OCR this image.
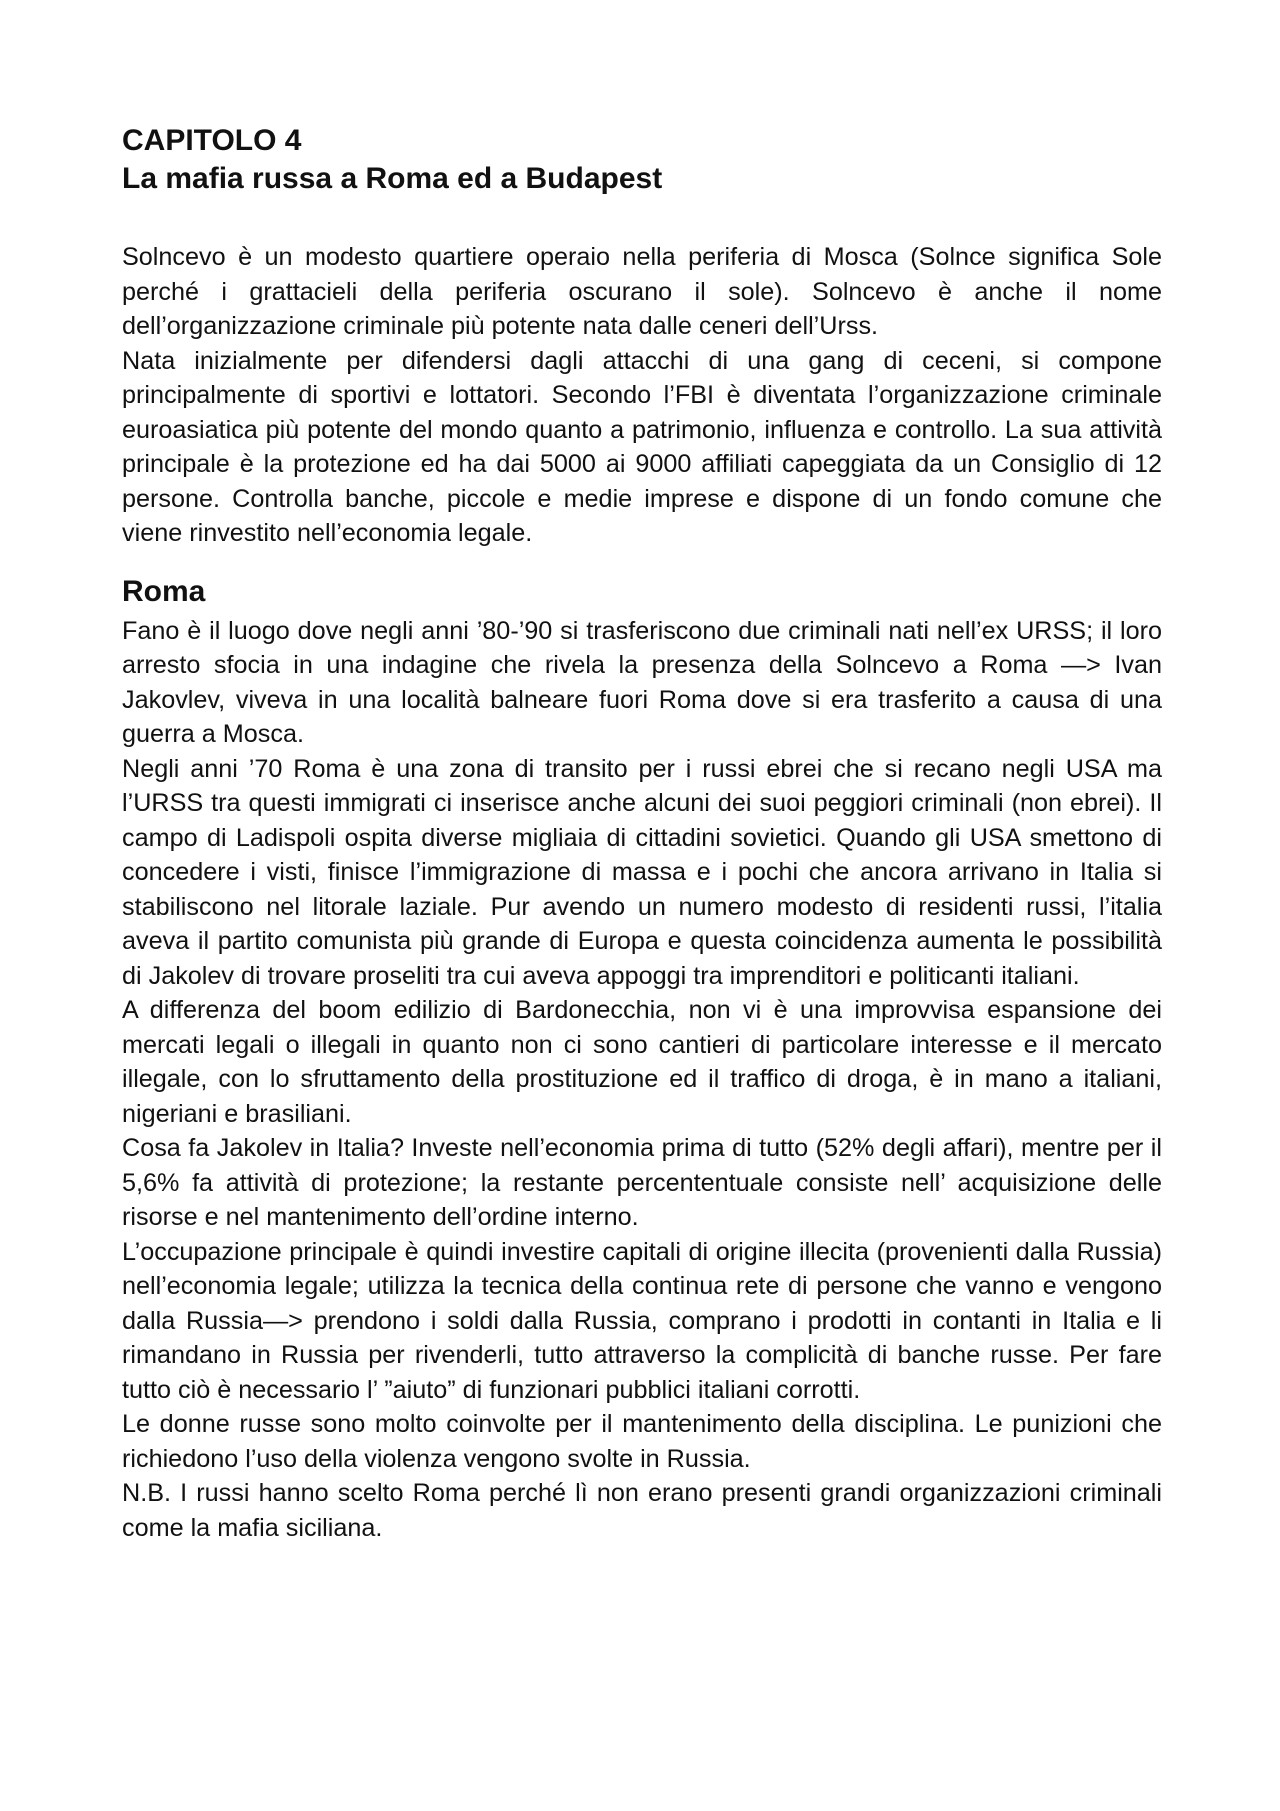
CAPITOLO 4
La mafia russa a Roma ed a Budapest

Solncevo è un modesto quartiere operaio nella periferia di Mosca (Solnce significa Sole perché i grattacieli della periferia oscurano il sole). Solncevo è anche il nome dell’organizzazione criminale più potente nata dalle ceneri dell’Urss.

Nata inizialmente per difendersi dagli attacchi di una gang di ceceni, si compone principalmente di sportivi e lottatori. Secondo l’FBI è diventata l’organizzazione criminale euroasiatica più potente del mondo quanto a patrimonio, influenza e controllo. La sua attività principale è la protezione ed ha dai 5000 ai 9000 affiliati capeggiata da un Consiglio di 12 persone. Controlla banche, piccole e medie imprese e dispone di un fondo comune che viene rinvestito nell’economia legale.

Roma

Fano è il luogo dove negli anni ’80-’90 si trasferiscono due criminali nati nell’ex URSS; il loro arresto sfocia in una indagine che rivela la presenza della Solncevo a Roma —> Ivan Jakovlev, viveva in una località balneare fuori Roma dove si era trasferito a causa di una guerra a Mosca.

Negli anni ’70 Roma è una zona di transito per i russi ebrei che si recano negli USA ma l’URSS tra questi immigrati ci inserisce anche alcuni dei suoi peggiori criminali (non ebrei). Il campo di Ladispoli ospita diverse migliaia di cittadini sovietici. Quando gli USA smettono di concedere i visti, finisce l’immigrazione di massa e i pochi che ancora arrivano in Italia si stabiliscono nel litorale laziale. Pur avendo un numero modesto di residenti russi, l’italia aveva il partito comunista più grande di Europa e questa coincidenza aumenta le possibilità di Jakolev di trovare proseliti tra cui aveva appoggi tra imprenditori e politicanti italiani.

A differenza del boom edilizio di Bardonecchia, non vi è una improvvisa espansione dei mercati legali o illegali in quanto non ci sono cantieri di particolare interesse e il mercato illegale, con lo sfruttamento della prostituzione ed il traffico di droga, è in mano a italiani, nigeriani e brasiliani.

Cosa fa Jakolev in Italia? Investe nell’economia prima di tutto (52% degli affari), mentre per il 5,6% fa attività di protezione; la restante percententuale consiste nell’ acquisizione delle risorse e nel mantenimento dell’ordine interno.

L’occupazione principale è quindi investire capitali di origine illecita (provenienti dalla Russia) nell’economia legale; utilizza la tecnica della continua rete di persone che vanno e vengono dalla Russia—> prendono i soldi dalla Russia, comprano i prodotti in contanti in Italia e li rimandano in Russia per rivenderli, tutto attraverso la complicità di banche russe. Per fare tutto ciò è necessario l’ ”aiuto” di funzionari pubblici italiani corrotti.

Le donne russe sono molto coinvolte per il mantenimento della disciplina. Le punizioni che richiedono l’uso della violenza vengono svolte in Russia.

N.B. I russi hanno scelto Roma perché lì non erano presenti grandi organizzazioni criminali come la mafia siciliana.
